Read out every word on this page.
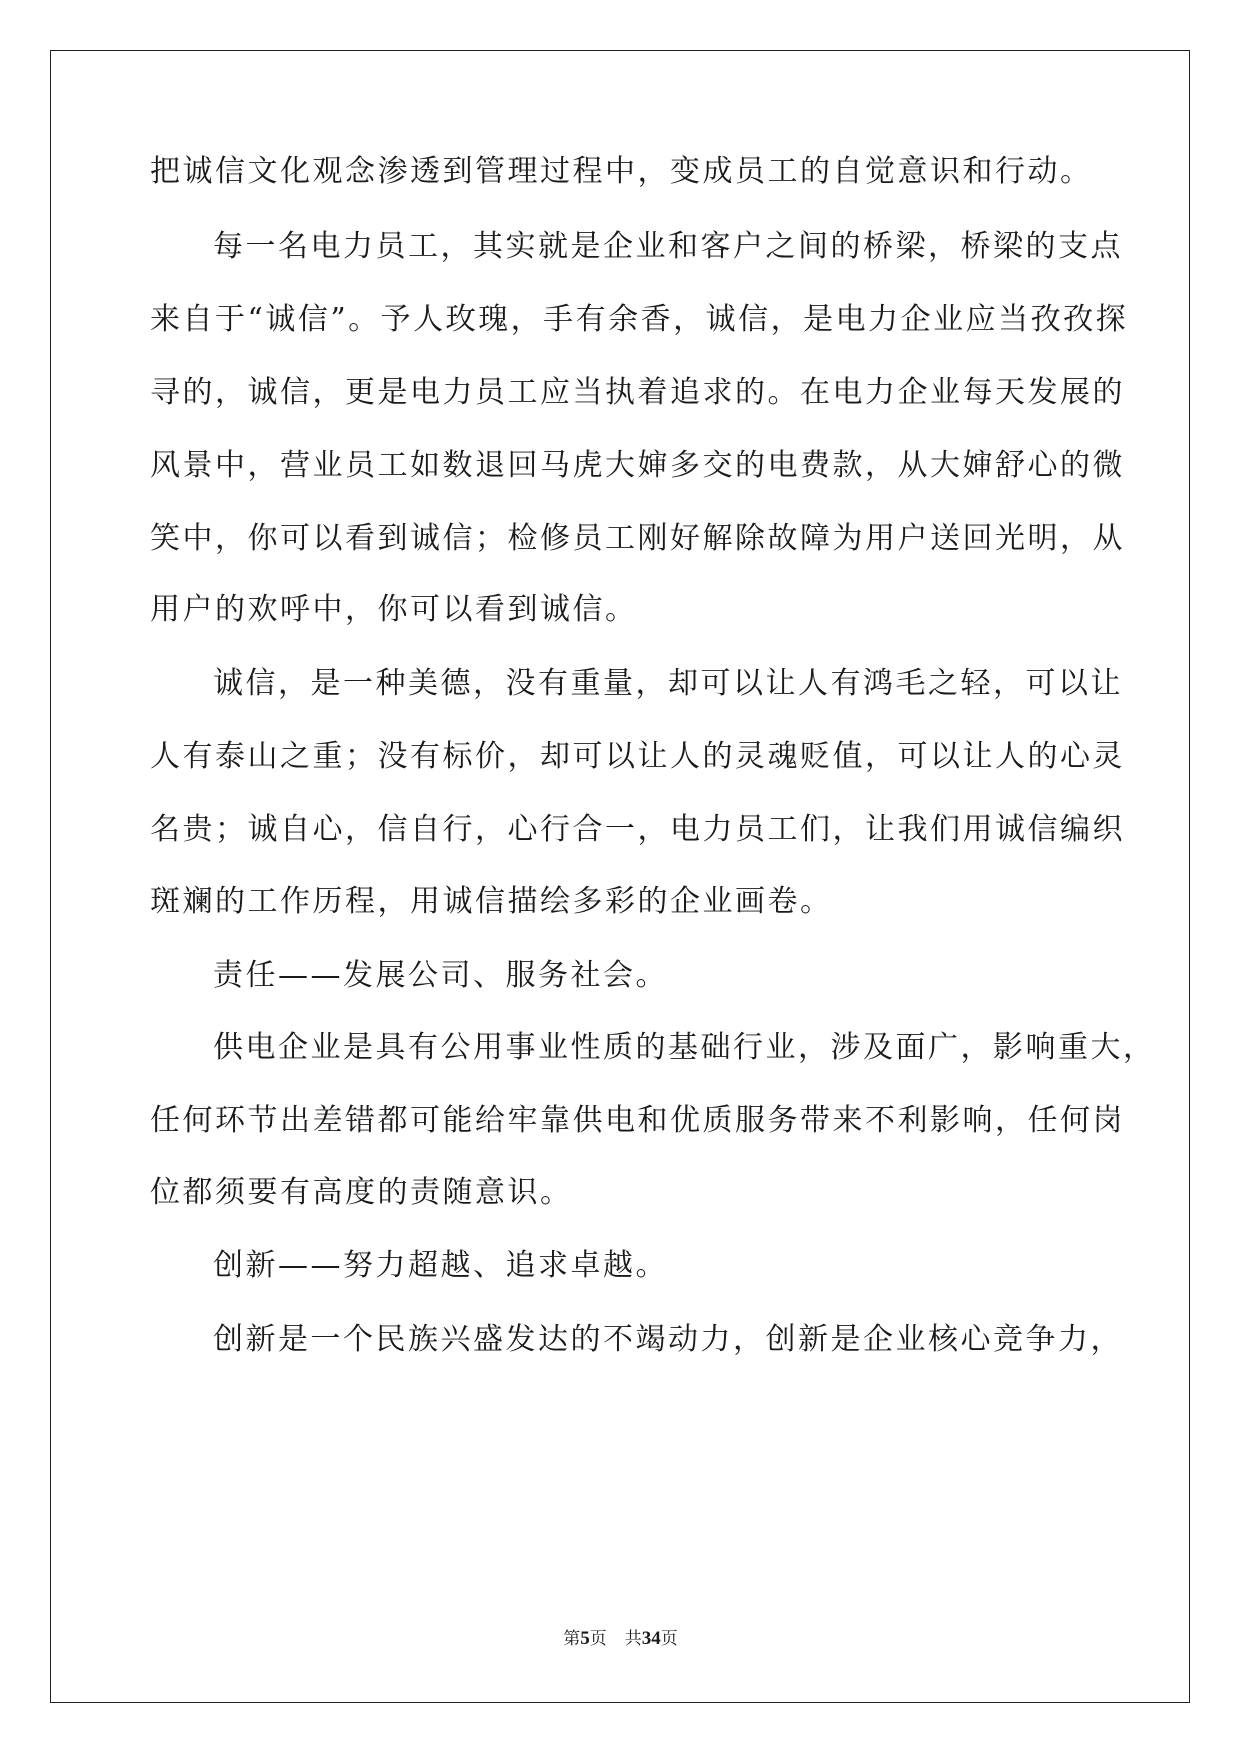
把诚信文化观念渗透到管理过程中，变成员工的自觉意识和行动。
每一名电力员工，其实就是企业和客户之间的桥梁，桥梁的支点
来自于“诚信”。予人玫瑰，手有余香，诚信，是电力企业应当孜孜探
寻的，诚信，更是电力员工应当执着追求的。在电力企业每天发展的
风景中，营业员工如数退回马虎大婶多交的电费款，从大婶舒心的微
笑中，你可以看到诚信；检修员工刚好解除故障为用户送回光明，从
用户的欢呼中，你可以看到诚信。
诚信，是一种美德，没有重量，却可以让人有鸿毛之轻，可以让
人有泰山之重；没有标价，却可以让人的灵魂贬值，可以让人的心灵
名贵；诚自心，信自行，心行合一，电力员工们，让我们用诚信编织
斑斓的工作历程，用诚信描绘多彩的企业画卷。
责任——发展公司、服务社会。
供电企业是具有公用事业性质的基础行业，涉及面广，影响重大，
任何环节出差错都可能给牢靠供电和优质服务带来不利影响，任何岗
位都须要有高度的责随意识。
创新——努力超越、追求卓越。
创新是一个民族兴盛发达的不竭动力，创新是企业核心竞争力，
第5页 共34页
